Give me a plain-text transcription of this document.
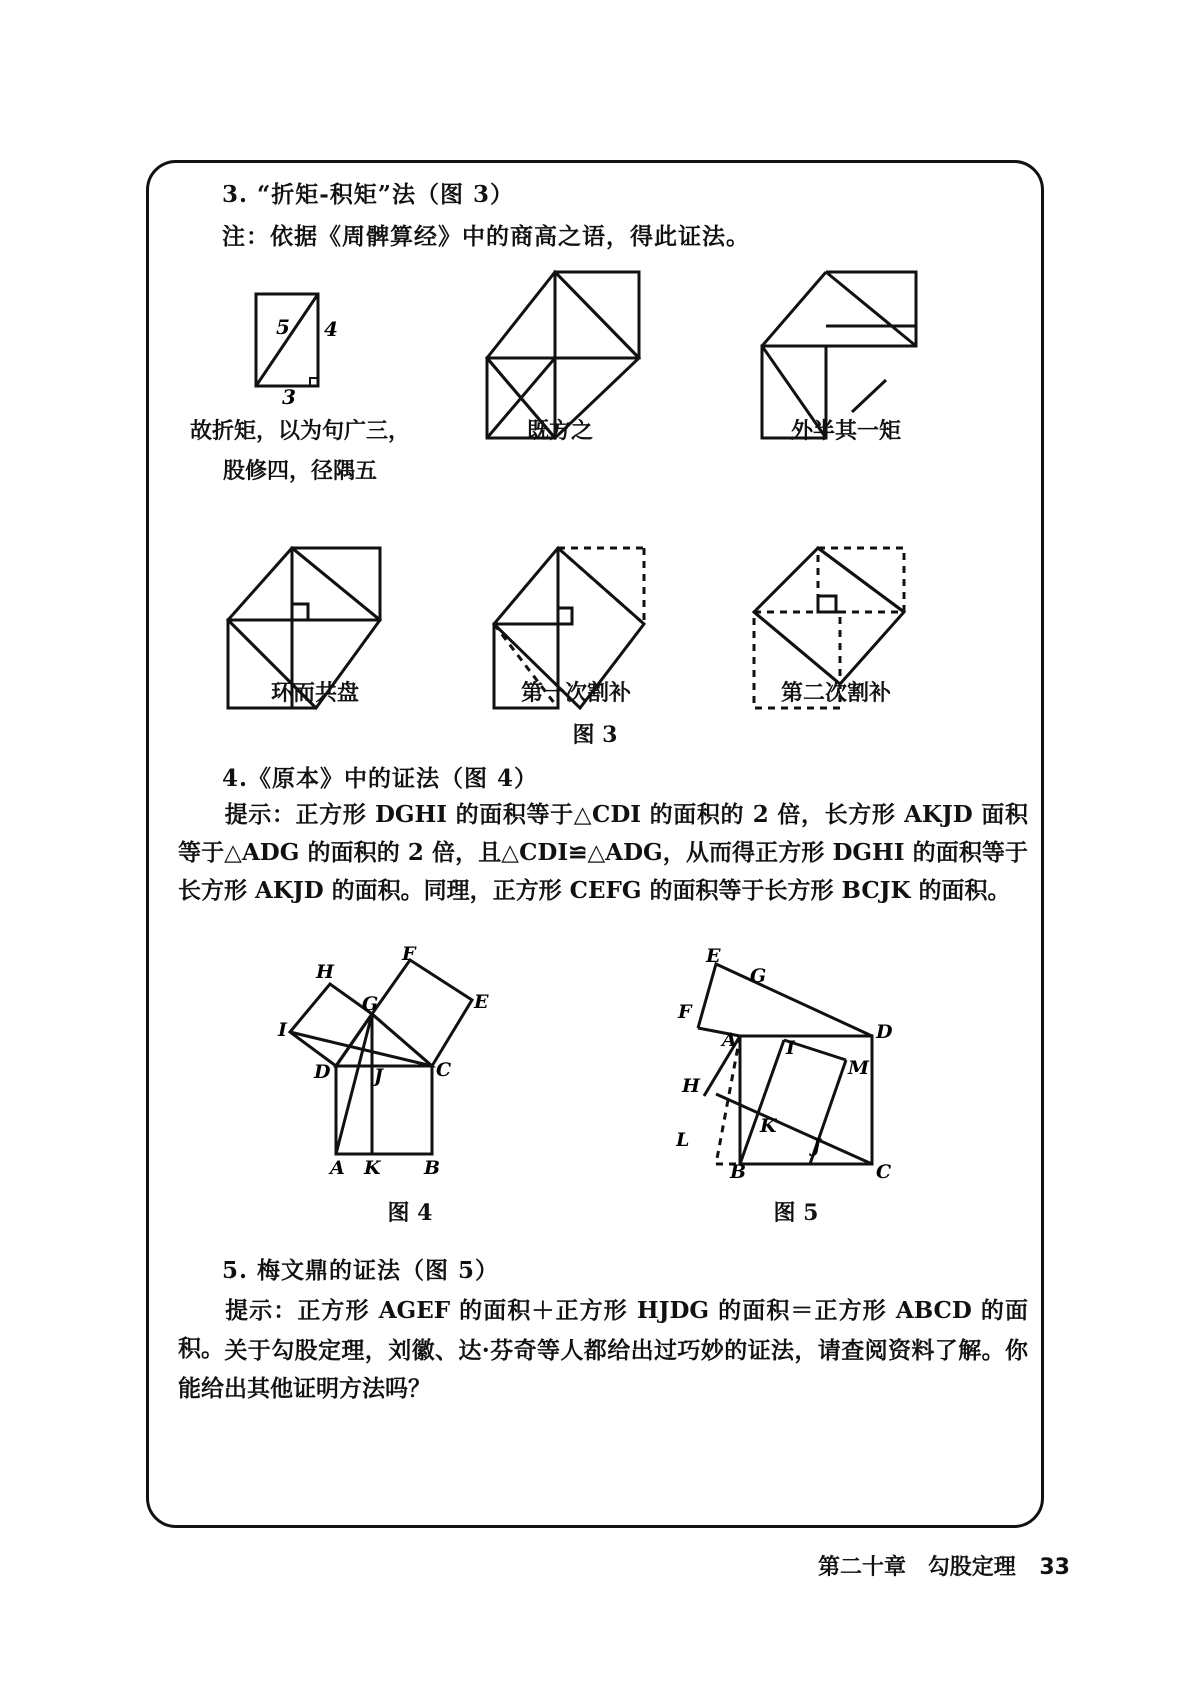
3. “折矩-积矩”法（图 3）
注：依据《周髀算经》中的商高之语，得此证法。
5 4
3
故折矩，以为句广三，
股修四，径隅五
既方之	外半其一矩
环而共盘	第一次割补	第二次割补
图 3
4.《原本》中的证法（图 4）
提示：正方形 DGHI 的面积等于△CDI 的面积的 2 倍，长方形 AKJD 面积等于△ADG 的面积的 2 倍，且△CDI≌△ADG，从而得正方形 DGHI 的面积等于长方形 AKJD 的面积。同理，正方形 CEFG 的面积等于长方形 BCJK 的面积。
H
F
E
I
G
D J	C
A K B
图 4
E
G
F
A	D
I
M
H
K
L	J
B	C
图 5
5. 梅文鼎的证法（图 5）
提示：正方形 AGEF 的面积＋正方形 HJDG 的面积＝正方形 ABCD 的面积。 关于勾股定理，刘徽、达·芬奇等人都给出过巧妙的证法，请查阅资料了解。你能给出其他证明方法吗？
第二十章 勾股定理 33
